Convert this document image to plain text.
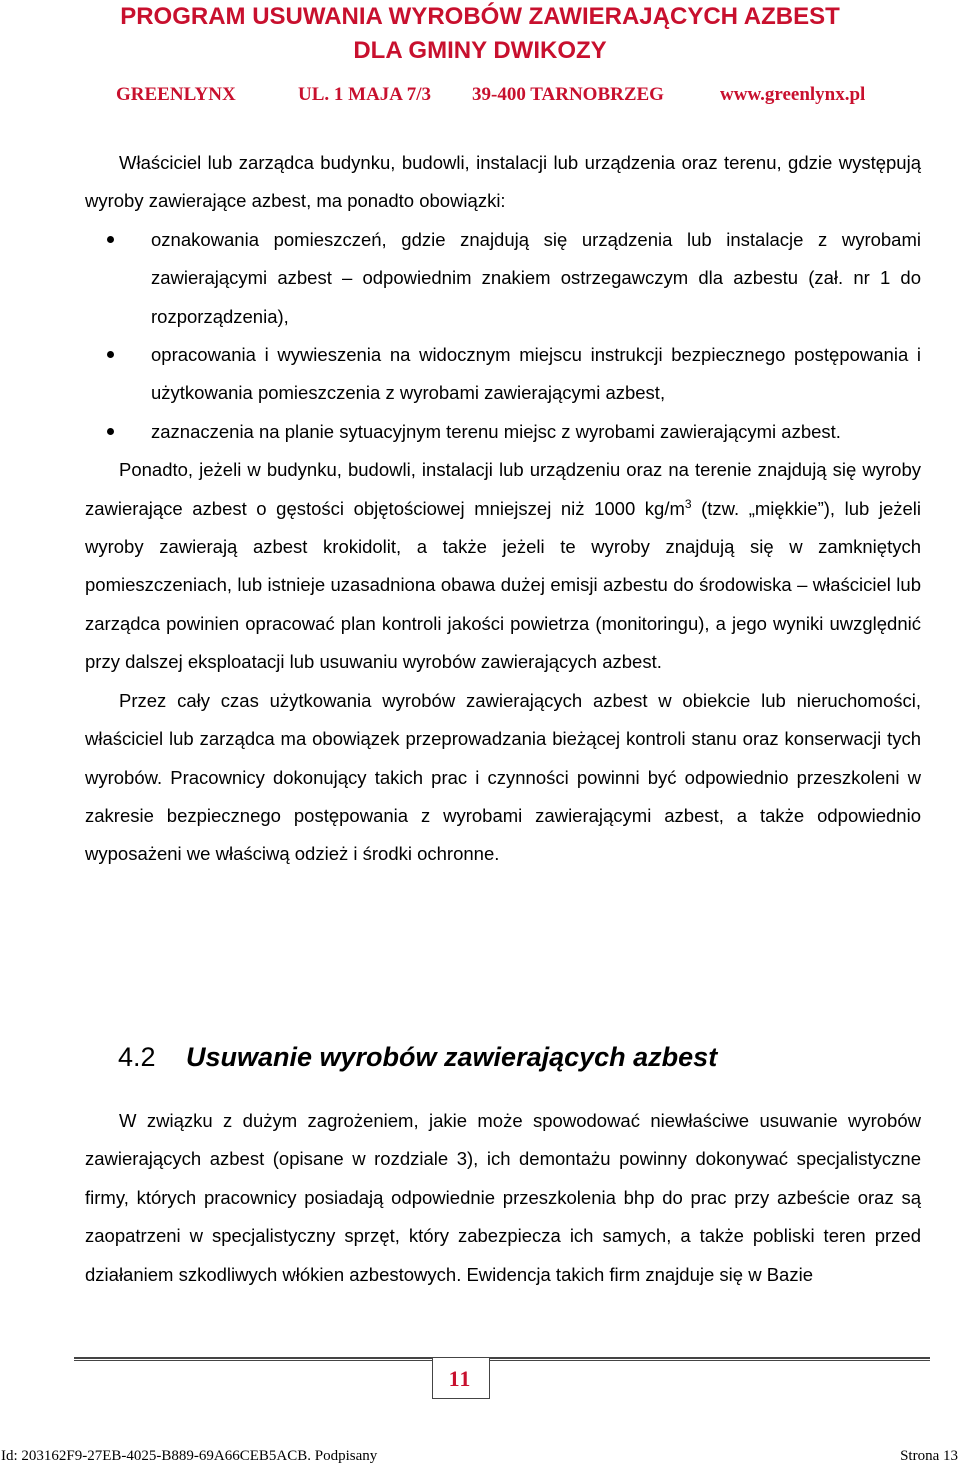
PROGRAM USUWANIA WYROBÓW ZAWIERAJĄCYCH AZBEST
DLA GMINY DWIKOZY
GREENLYNX	UL. 1 MAJA 7/3 39-400 TARNOBRZEG	www.greenlynx.pl

Właściciel lub zarządca budynku, budowli, instalacji lub urządzenia oraz terenu, gdzie występują wyroby zawierające azbest, ma ponadto obowiązki:

oznakowania pomieszczeń, gdzie znajdują się urządzenia lub instalacje z wyrobami zawierającymi azbest – odpowiednim znakiem ostrzegawczym dla azbestu (zał. nr 1 do rozporządzenia),
opracowania i wywieszenia na widocznym miejscu instrukcji bezpiecznego postępowania i użytkowania pomieszczenia z wyrobami zawierającymi azbest,
zaznaczenia na planie sytuacyjnym terenu miejsc z wyrobami zawierającymi azbest.

Ponadto, jeżeli w budynku, budowli, instalacji lub urządzeniu oraz na terenie znajdują się wyroby zawierające azbest o gęstości objętościowej mniejszej niż 1000 $kg/m^3$ (tzw. „miękkie”), lub jeżeli wyroby zawierają azbest krokidolit, a także jeżeli te wyroby znajdują się w zamkniętych pomieszczeniach, lub istnieje uzasadniona obawa dużej emisji azbestu do środowiska – właściciel lub zarządca powinien opracować plan kontroli jakości powietrza (monitoringu), a jego wyniki uwzględnić przy dalszej eksploatacji lub usuwaniu wyrobów zawierających azbest.

Przez cały czas użytkowania wyrobów zawierających azbest w obiekcie lub nieruchomości, właściciel lub zarządca ma obowiązek przeprowadzania bieżącej kontroli stanu oraz konserwacji tych wyrobów. Pracownicy dokonujący takich prac i czynności powinni być odpowiednio przeszkoleni w zakresie bezpiecznego postępowania z wyrobami zawierającymi azbest, a także odpowiednio wyposażeni we właściwą odzież i środki ochronne.

4.2 Usuwanie wyrobów zawierających azbest

W związku z dużym zagrożeniem, jakie może spowodować niewłaściwe usuwanie wyrobów zawierających azbest (opisane w rozdziale 3), ich demontażu powinny dokonywać specjalistyczne firmy, których pracownicy posiadają odpowiednie przeszkolenia bhp do prac przy azbeście oraz są zaopatrzeni w specjalistyczny sprzęt, który zabezpiecza ich samych, a także pobliski teren przed działaniem szkodliwych włókien azbestowych. Ewidencja takich firm znajduje się w Bazie

11
Id: 203162F9-27EB-4025-B889-69A66CEB5ACB. Podpisany	Strona 13
